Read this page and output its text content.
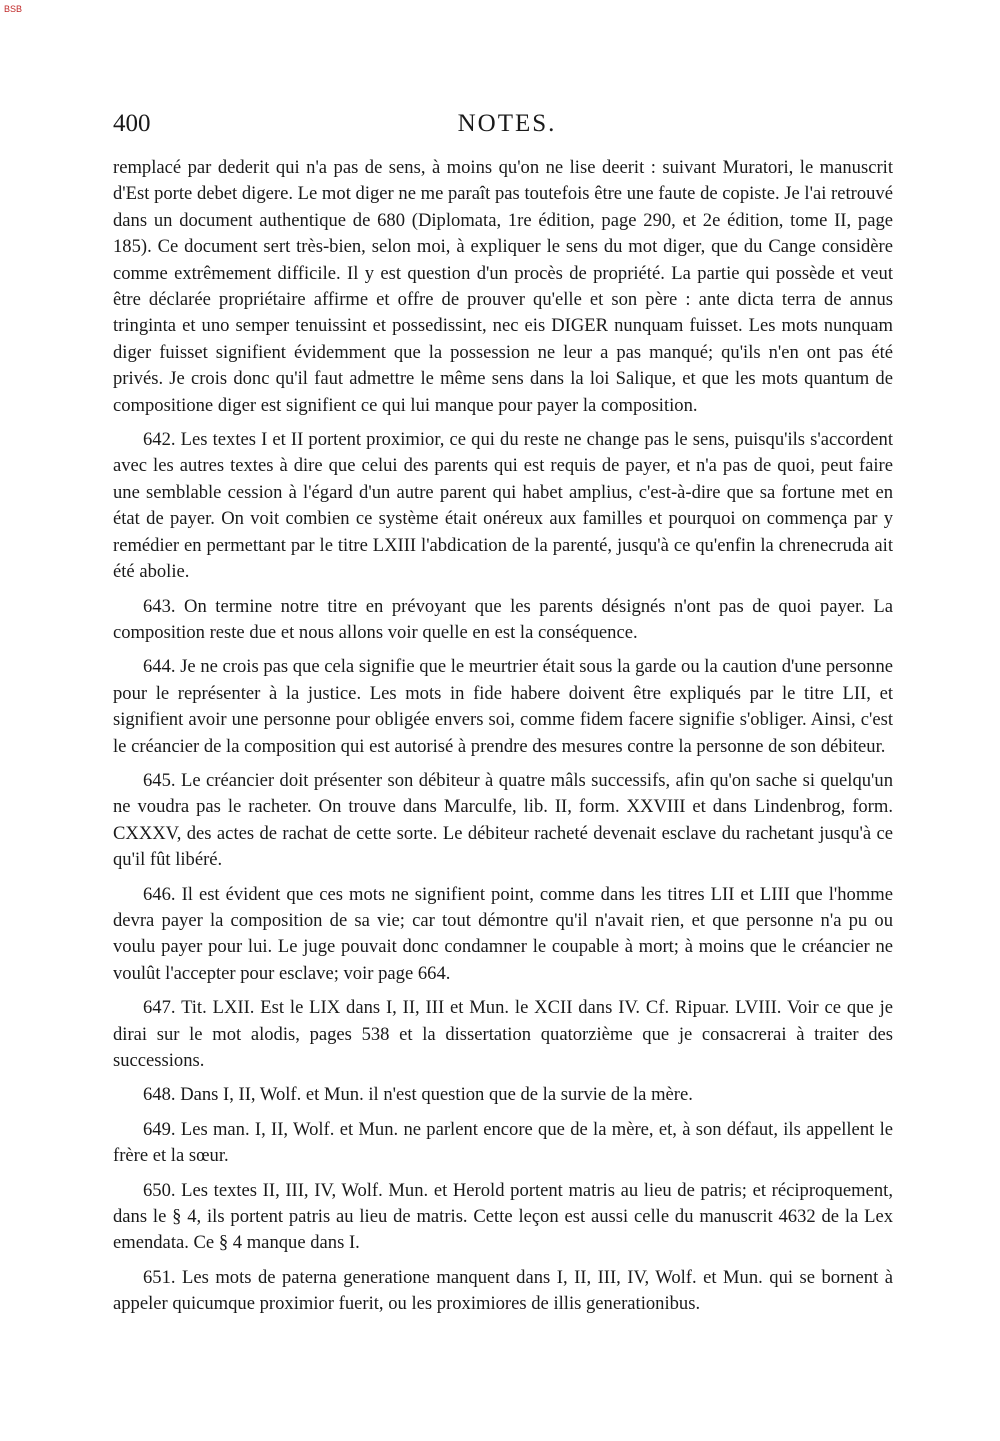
BSB
400	NOTES.

remplacé par dederit qui n'a pas de sens, à moins qu'on ne lise deerit : suivant Muratori, le manuscrit d'Est porte debet digere. Le mot diger ne me paraît pas toutefois être une faute de copiste. Je l'ai retrouvé dans un document authentique de 680 (Diplomata, 1re édition, page 290, et 2e édition, tome II, page 185). Ce document sert très-bien, selon moi, à expliquer le sens du mot diger, que du Cange considère comme extrêmement difficile. Il y est question d'un procès de propriété. La partie qui possède et veut être déclarée propriétaire affirme et offre de prouver qu'elle et son père : ante dicta terra de annus tringinta et uno semper tenuissint et possedissint, nec eis DIGER nunquam fuisset. Les mots nunquam diger fuisset signifient évidemment que la possession ne leur a pas manqué; qu'ils n'en ont pas été privés. Je crois donc qu'il faut admettre le même sens dans la loi Salique, et que les mots quantum de compositione diger est signifient ce qui lui manque pour payer la composition.

642. Les textes I et II portent proximior, ce qui du reste ne change pas le sens, puisqu'ils s'accordent avec les autres textes à dire que celui des parents qui est requis de payer, et n'a pas de quoi, peut faire une semblable cession à l'égard d'un autre parent qui habet amplius, c'est-à-dire que sa fortune met en état de payer. On voit combien ce système était onéreux aux familles et pourquoi on commença par y remédier en permettant par le titre LXIII l'abdication de la parenté, jusqu'à ce qu'enfin la chrenecruda ait été abolie.

643. On termine notre titre en prévoyant que les parents désignés n'ont pas de quoi payer. La composition reste due et nous allons voir quelle en est la conséquence.

644. Je ne crois pas que cela signifie que le meurtrier était sous la garde ou la caution d'une personne pour le représenter à la justice. Les mots in fide habere doivent être expliqués par le titre LII, et signifient avoir une personne pour obligée envers soi, comme fidem facere signifie s'obliger. Ainsi, c'est le créancier de la composition qui est autorisé à prendre des mesures contre la personne de son débiteur.

645. Le créancier doit présenter son débiteur à quatre mâls successifs, afin qu'on sache si quelqu'un ne voudra pas le racheter. On trouve dans Marculfe, lib. II, form. XXVIII et dans Lindenbrog, form. CXXXV, des actes de rachat de cette sorte. Le débiteur racheté devenait esclave du rachetant jusqu'à ce qu'il fût libéré.

646. Il est évident que ces mots ne signifient point, comme dans les titres LII et LIII que l'homme devra payer la composition de sa vie; car tout démontre qu'il n'avait rien, et que personne n'a pu ou voulu payer pour lui. Le juge pouvait donc condamner le coupable à mort; à moins que le créancier ne voulût l'accepter pour esclave; voir page 664.

647. Tit. LXII. Est le LIX dans I, II, III et Mun. le XCII dans IV. Cf. Ripuar. LVIII. Voir ce que je dirai sur le mot alodis, pages 538 et la dissertation quatorzième que je consacrerai à traiter des successions.

648. Dans I, II, Wolf. et Mun. il n'est question que de la survie de la mère.

649. Les man. I, II, Wolf. et Mun. ne parlent encore que de la mère, et, à son défaut, ils appellent le frère et la sœur.

650. Les textes II, III, IV, Wolf. Mun. et Herold portent matris au lieu de patris; et réciproquement, dans le § 4, ils portent patris au lieu de matris. Cette leçon est aussi celle du manuscrit 4632 de la Lex emendata. Ce § 4 manque dans I.

651. Les mots de paterna generatione manquent dans I, II, III, IV, Wolf. et Mun. qui se bornent à appeler quicumque proximior fuerit, ou les proximiores de illis generationibus.
